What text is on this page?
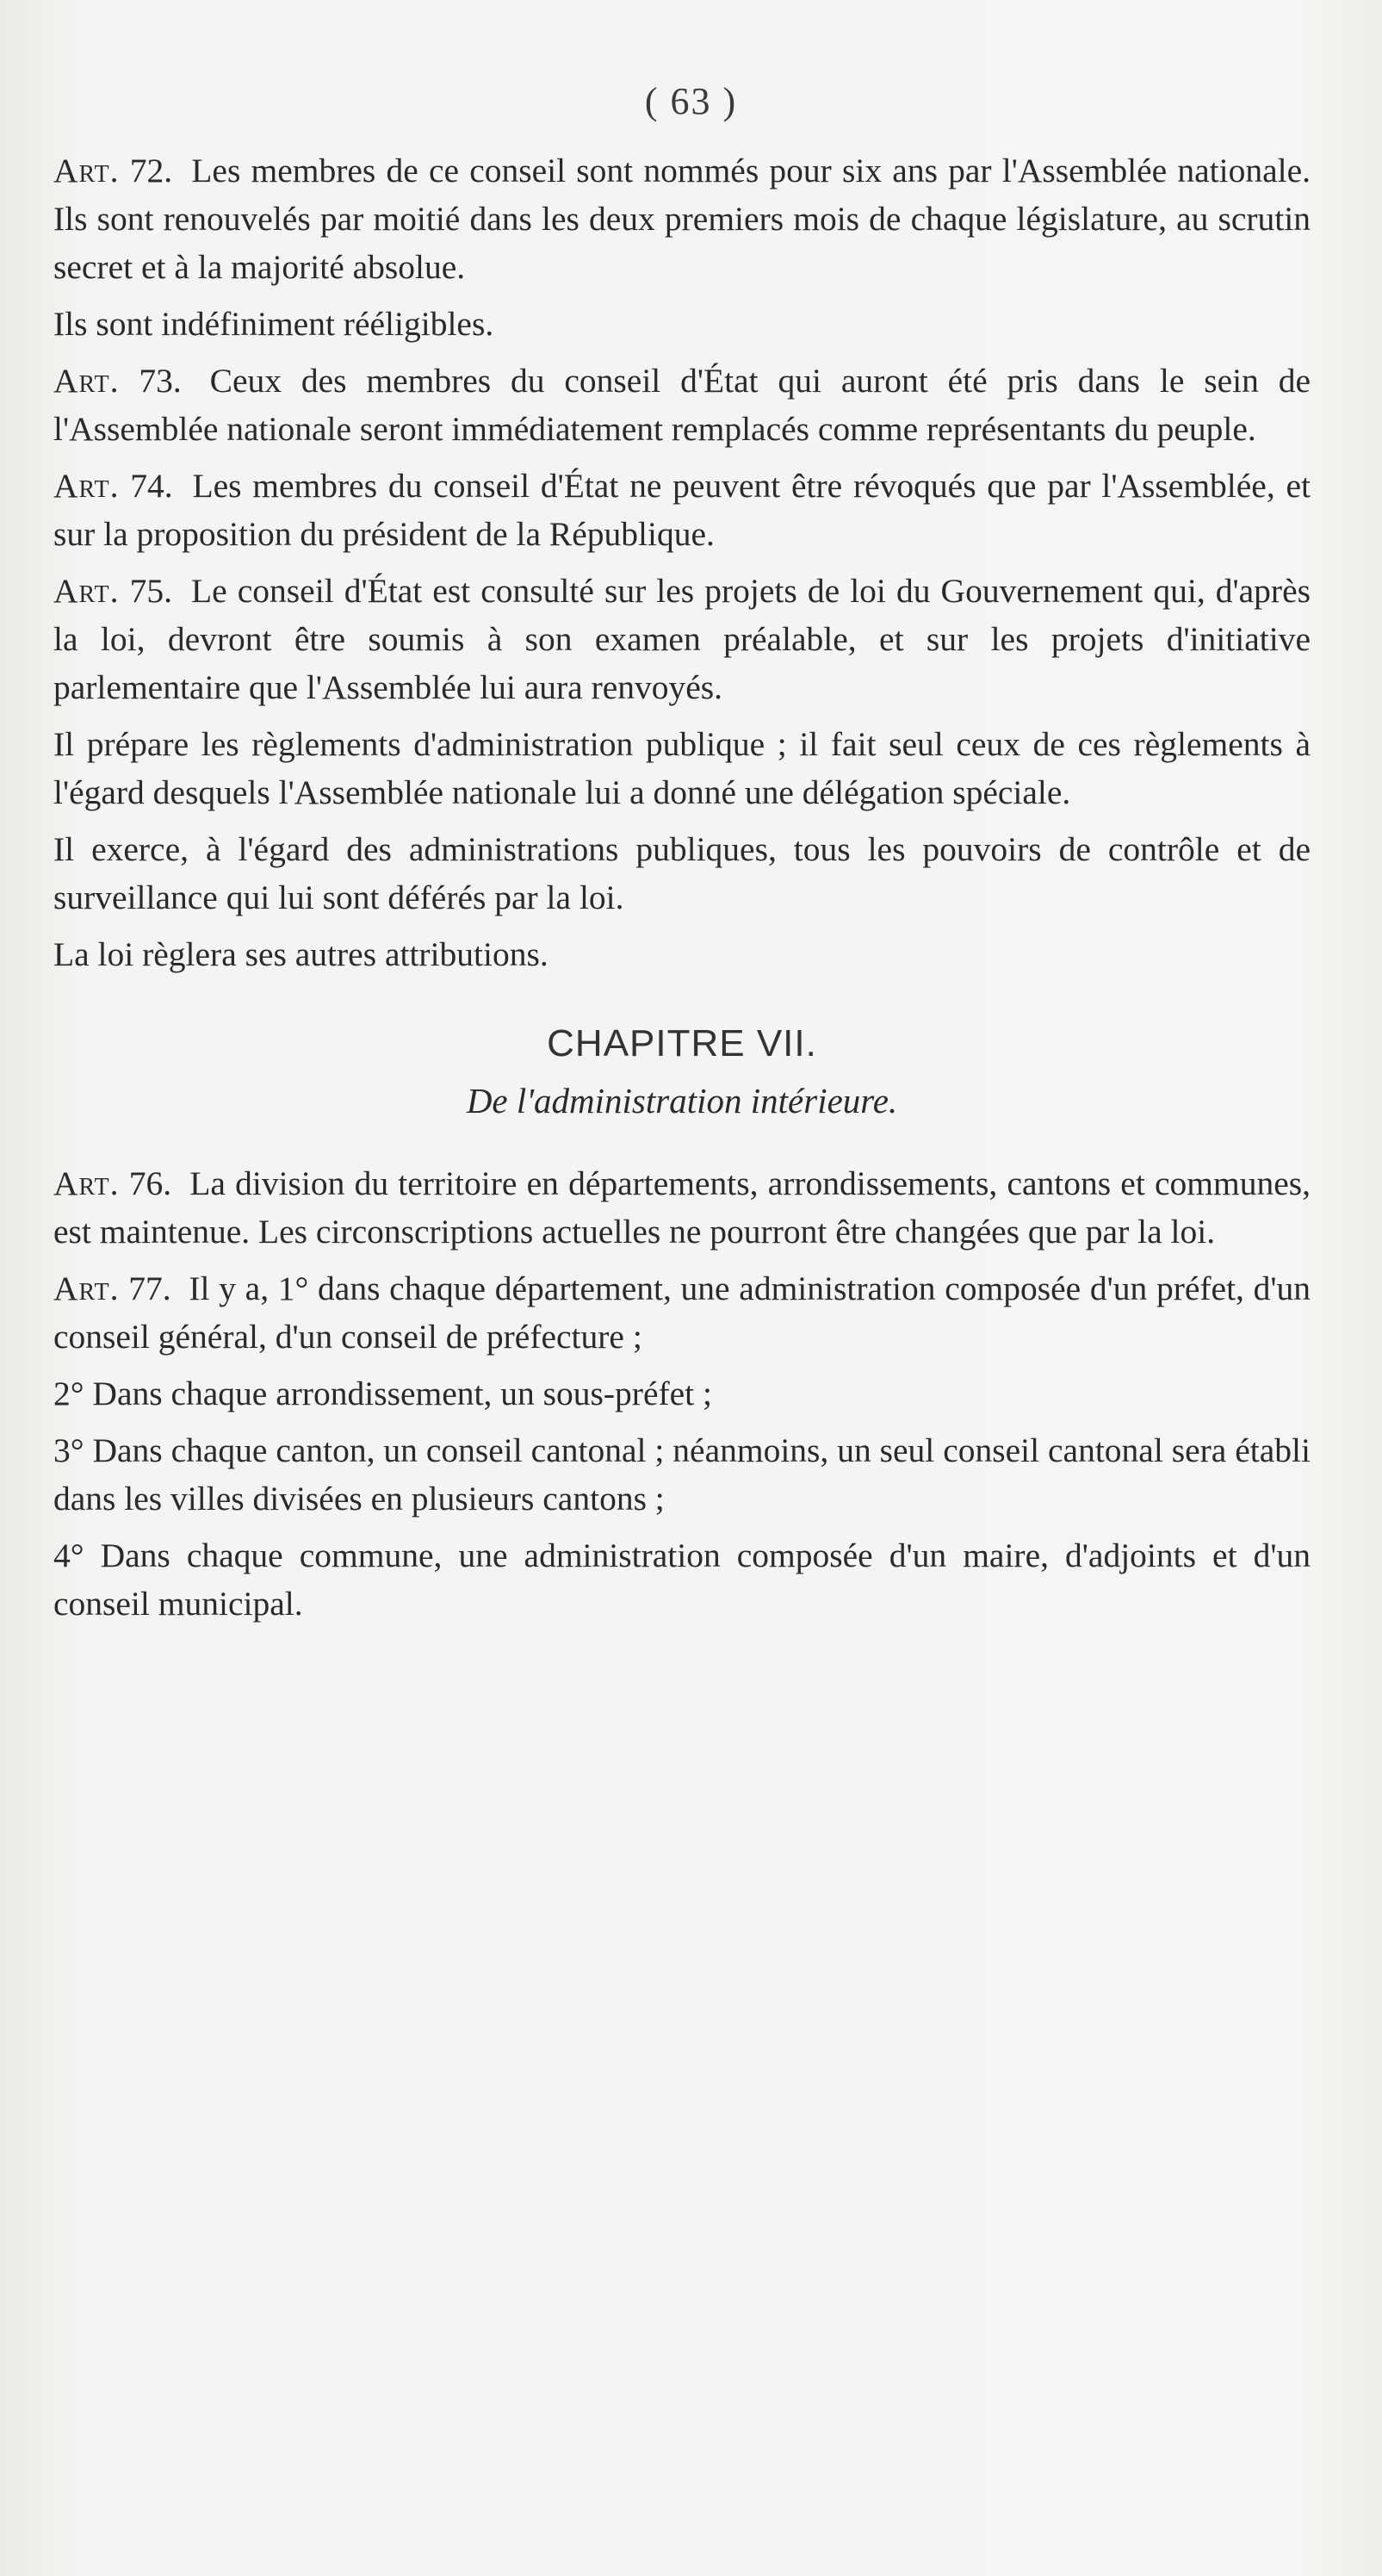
( 63 )

Art. 72. Les membres de ce conseil sont nommés pour six ans par l'Assemblée nationale. Ils sont renouvelés par moitié dans les deux premiers mois de chaque législature, au scrutin secret et à la majorité absolue.

Ils sont indéfiniment rééligibles.

Art. 73. Ceux des membres du conseil d'État qui auront été pris dans le sein de l'Assemblée nationale seront immédiatement remplacés comme représentants du peuple.

Art. 74. Les membres du conseil d'État ne peuvent être révoqués que par l'Assemblée, et sur la proposition du président de la République.

Art. 75. Le conseil d'État est consulté sur les projets de loi du Gouvernement qui, d'après la loi, devront être soumis à son examen préalable, et sur les projets d'initiative parlementaire que l'Assemblée lui aura renvoyés.

Il prépare les règlements d'administration publique ; il fait seul ceux de ces règlements à l'égard desquels l'Assemblée nationale lui a donné une délégation spéciale.

Il exerce, à l'égard des administrations publiques, tous les pouvoirs de contrôle et de surveillance qui lui sont déférés par la loi.

La loi règlera ses autres attributions.

CHAPITRE VII.
De l'administration intérieure.

Art. 76. La division du territoire en départements, arrondissements, cantons et communes, est maintenue. Les circonscriptions actuelles ne pourront être changées que par la loi.

Art. 77. Il y a, 1° dans chaque département, une administration composée d'un préfet, d'un conseil général, d'un conseil de préfecture ;

2° Dans chaque arrondissement, un sous-préfet ;

3° Dans chaque canton, un conseil cantonal ; néanmoins, un seul conseil cantonal sera établi dans les villes divisées en plusieurs cantons ;

4° Dans chaque commune, une administration composée d'un maire, d'adjoints et d'un conseil municipal.
